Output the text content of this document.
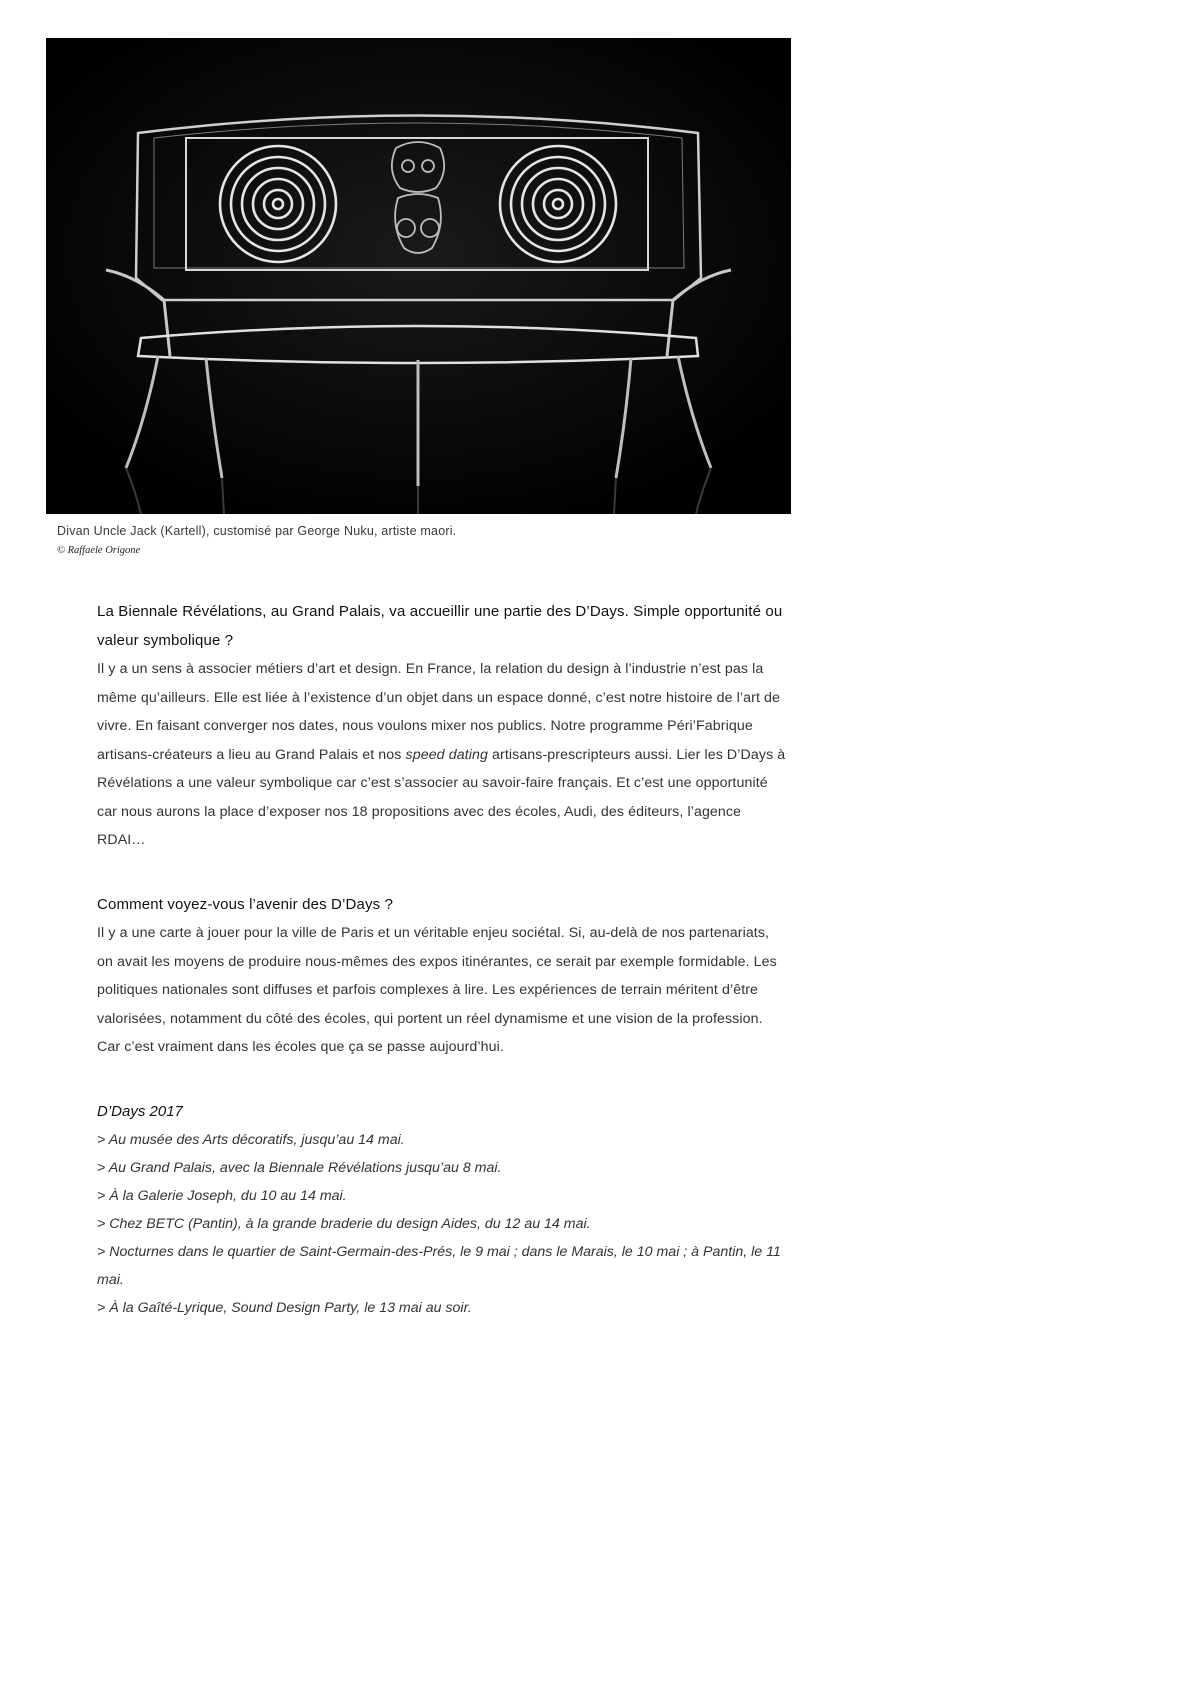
Divan Uncle Jack (Kartell), customisé par George Nuku, artiste maori.
© Raffaele Origone

La Biennale Révélations, au Grand Palais, va accueillir une partie des D’Days. Simple opportunité ou valeur symbolique ?

Il y a un sens à associer métiers d’art et design. En France, la relation du design à l’industrie n’est pas la même qu’ailleurs. Elle est liée à l’existence d’un objet dans un espace donné, c’est notre histoire de l’art de vivre. En faisant converger nos dates, nous voulons mixer nos publics. Notre programme Péri’Fabrique artisans-créateurs a lieu au Grand Palais et nos speed dating artisans-prescripteurs aussi. Lier les D’Days à Révélations a une valeur symbolique car c’est s’associer au savoir-faire français. Et c’est une opportunité car nous aurons la place d’exposer nos 18 propositions avec des écoles, Audi, des éditeurs, l’agence RDAI…

Comment voyez-vous l’avenir des D’Days ?

Il y a une carte à jouer pour la ville de Paris et un véritable enjeu sociétal. Si, au-delà de nos partenariats, on avait les moyens de produire nous-mêmes des expos itinérantes, ce serait par exemple formidable. Les politiques nationales sont diffuses et parfois complexes à lire. Les expériences de terrain méritent d’être valorisées, notamment du côté des écoles, qui portent un réel dynamisme et une vision de la profession. Car c’est vraiment dans les écoles que ça se passe aujourd’hui.

D’Days 2017

> Au musée des Arts décoratifs, jusqu’au 14 mai.
> Au Grand Palais, avec la Biennale Révélations jusqu’au 8 mai.
> À la Galerie Joseph, du 10 au 14 mai.
> Chez BETC (Pantin), à la grande braderie du design Aides, du 12 au 14 mai.
> Nocturnes dans le quartier de Saint-Germain-des-Prés, le 9 mai ; dans le Marais, le 10 mai ; à Pantin, le 11 mai.
> À la Gaîté-Lyrique, Sound Design Party, le 13 mai au soir.
